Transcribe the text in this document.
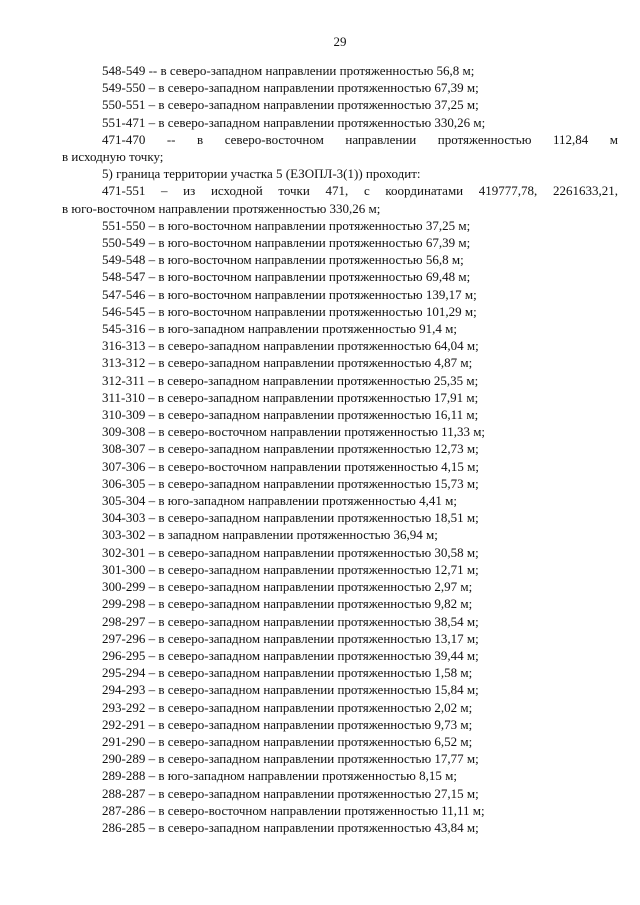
29
548-549 -- в северо-западном направлении протяженностью 56,8 м;
549-550 – в северо-западном направлении протяженностью 67,39 м;
550-551 – в северо-западном направлении протяженностью 37,25 м;
551-471 – в северо-западном направлении протяженностью 330,26 м;
471-470 -- в северо-восточном направлении протяженностью 112,84 м
в исходную точку;
5) граница территории участка 5 (ЕЗОПЛ-3(1)) проходит:
471-551 – из исходной точки 471, с координатами 419777,78, 2261633,21,
в юго-восточном направлении протяженностью 330,26 м;
551-550 – в юго-восточном направлении протяженностью 37,25 м;
550-549 – в юго-восточном направлении протяженностью 67,39 м;
549-548 – в юго-восточном направлении протяженностью 56,8 м;
548-547 – в юго-восточном направлении протяженностью 69,48 м;
547-546 – в юго-восточном направлении протяженностью 139,17 м;
546-545 – в юго-восточном направлении протяженностью 101,29 м;
545-316 – в юго-западном направлении протяженностью 91,4 м;
316-313 – в северо-западном направлении протяженностью 64,04 м;
313-312 – в северо-западном направлении протяженностью 4,87 м;
312-311 – в северо-западном направлении протяженностью 25,35 м;
311-310 – в северо-западном направлении протяженностью 17,91 м;
310-309 – в северо-западном направлении протяженностью 16,11 м;
309-308 – в северо-восточном направлении протяженностью 11,33 м;
308-307 – в северо-западном направлении протяженностью 12,73 м;
307-306 – в северо-восточном направлении протяженностью 4,15 м;
306-305 – в северо-западном направлении протяженностью 15,73 м;
305-304 – в юго-западном направлении протяженностью 4,41 м;
304-303 – в северо-западном направлении протяженностью 18,51 м;
303-302 – в западном направлении протяженностью 36,94 м;
302-301 – в северо-западном направлении протяженностью 30,58 м;
301-300 – в северо-западном направлении протяженностью 12,71 м;
300-299 – в северо-западном направлении протяженностью 2,97 м;
299-298 – в северо-западном направлении протяженностью 9,82 м;
298-297 – в северо-западном направлении протяженностью 38,54 м;
297-296 – в северо-западном направлении протяженностью 13,17 м;
296-295 – в северо-западном направлении протяженностью 39,44 м;
295-294 – в северо-западном направлении протяженностью 1,58 м;
294-293 – в северо-западном направлении протяженностью 15,84 м;
293-292 – в северо-западном направлении протяженностью 2,02 м;
292-291 – в северо-западном направлении протяженностью 9,73 м;
291-290 – в северо-западном направлении протяженностью 6,52 м;
290-289 – в северо-западном направлении протяженностью 17,77 м;
289-288 – в юго-западном направлении протяженностью 8,15 м;
288-287 – в северо-западном направлении протяженностью 27,15 м;
287-286 – в северо-восточном направлении протяженностью 11,11 м;
286-285 – в северо-западном направлении протяженностью 43,84 м;
